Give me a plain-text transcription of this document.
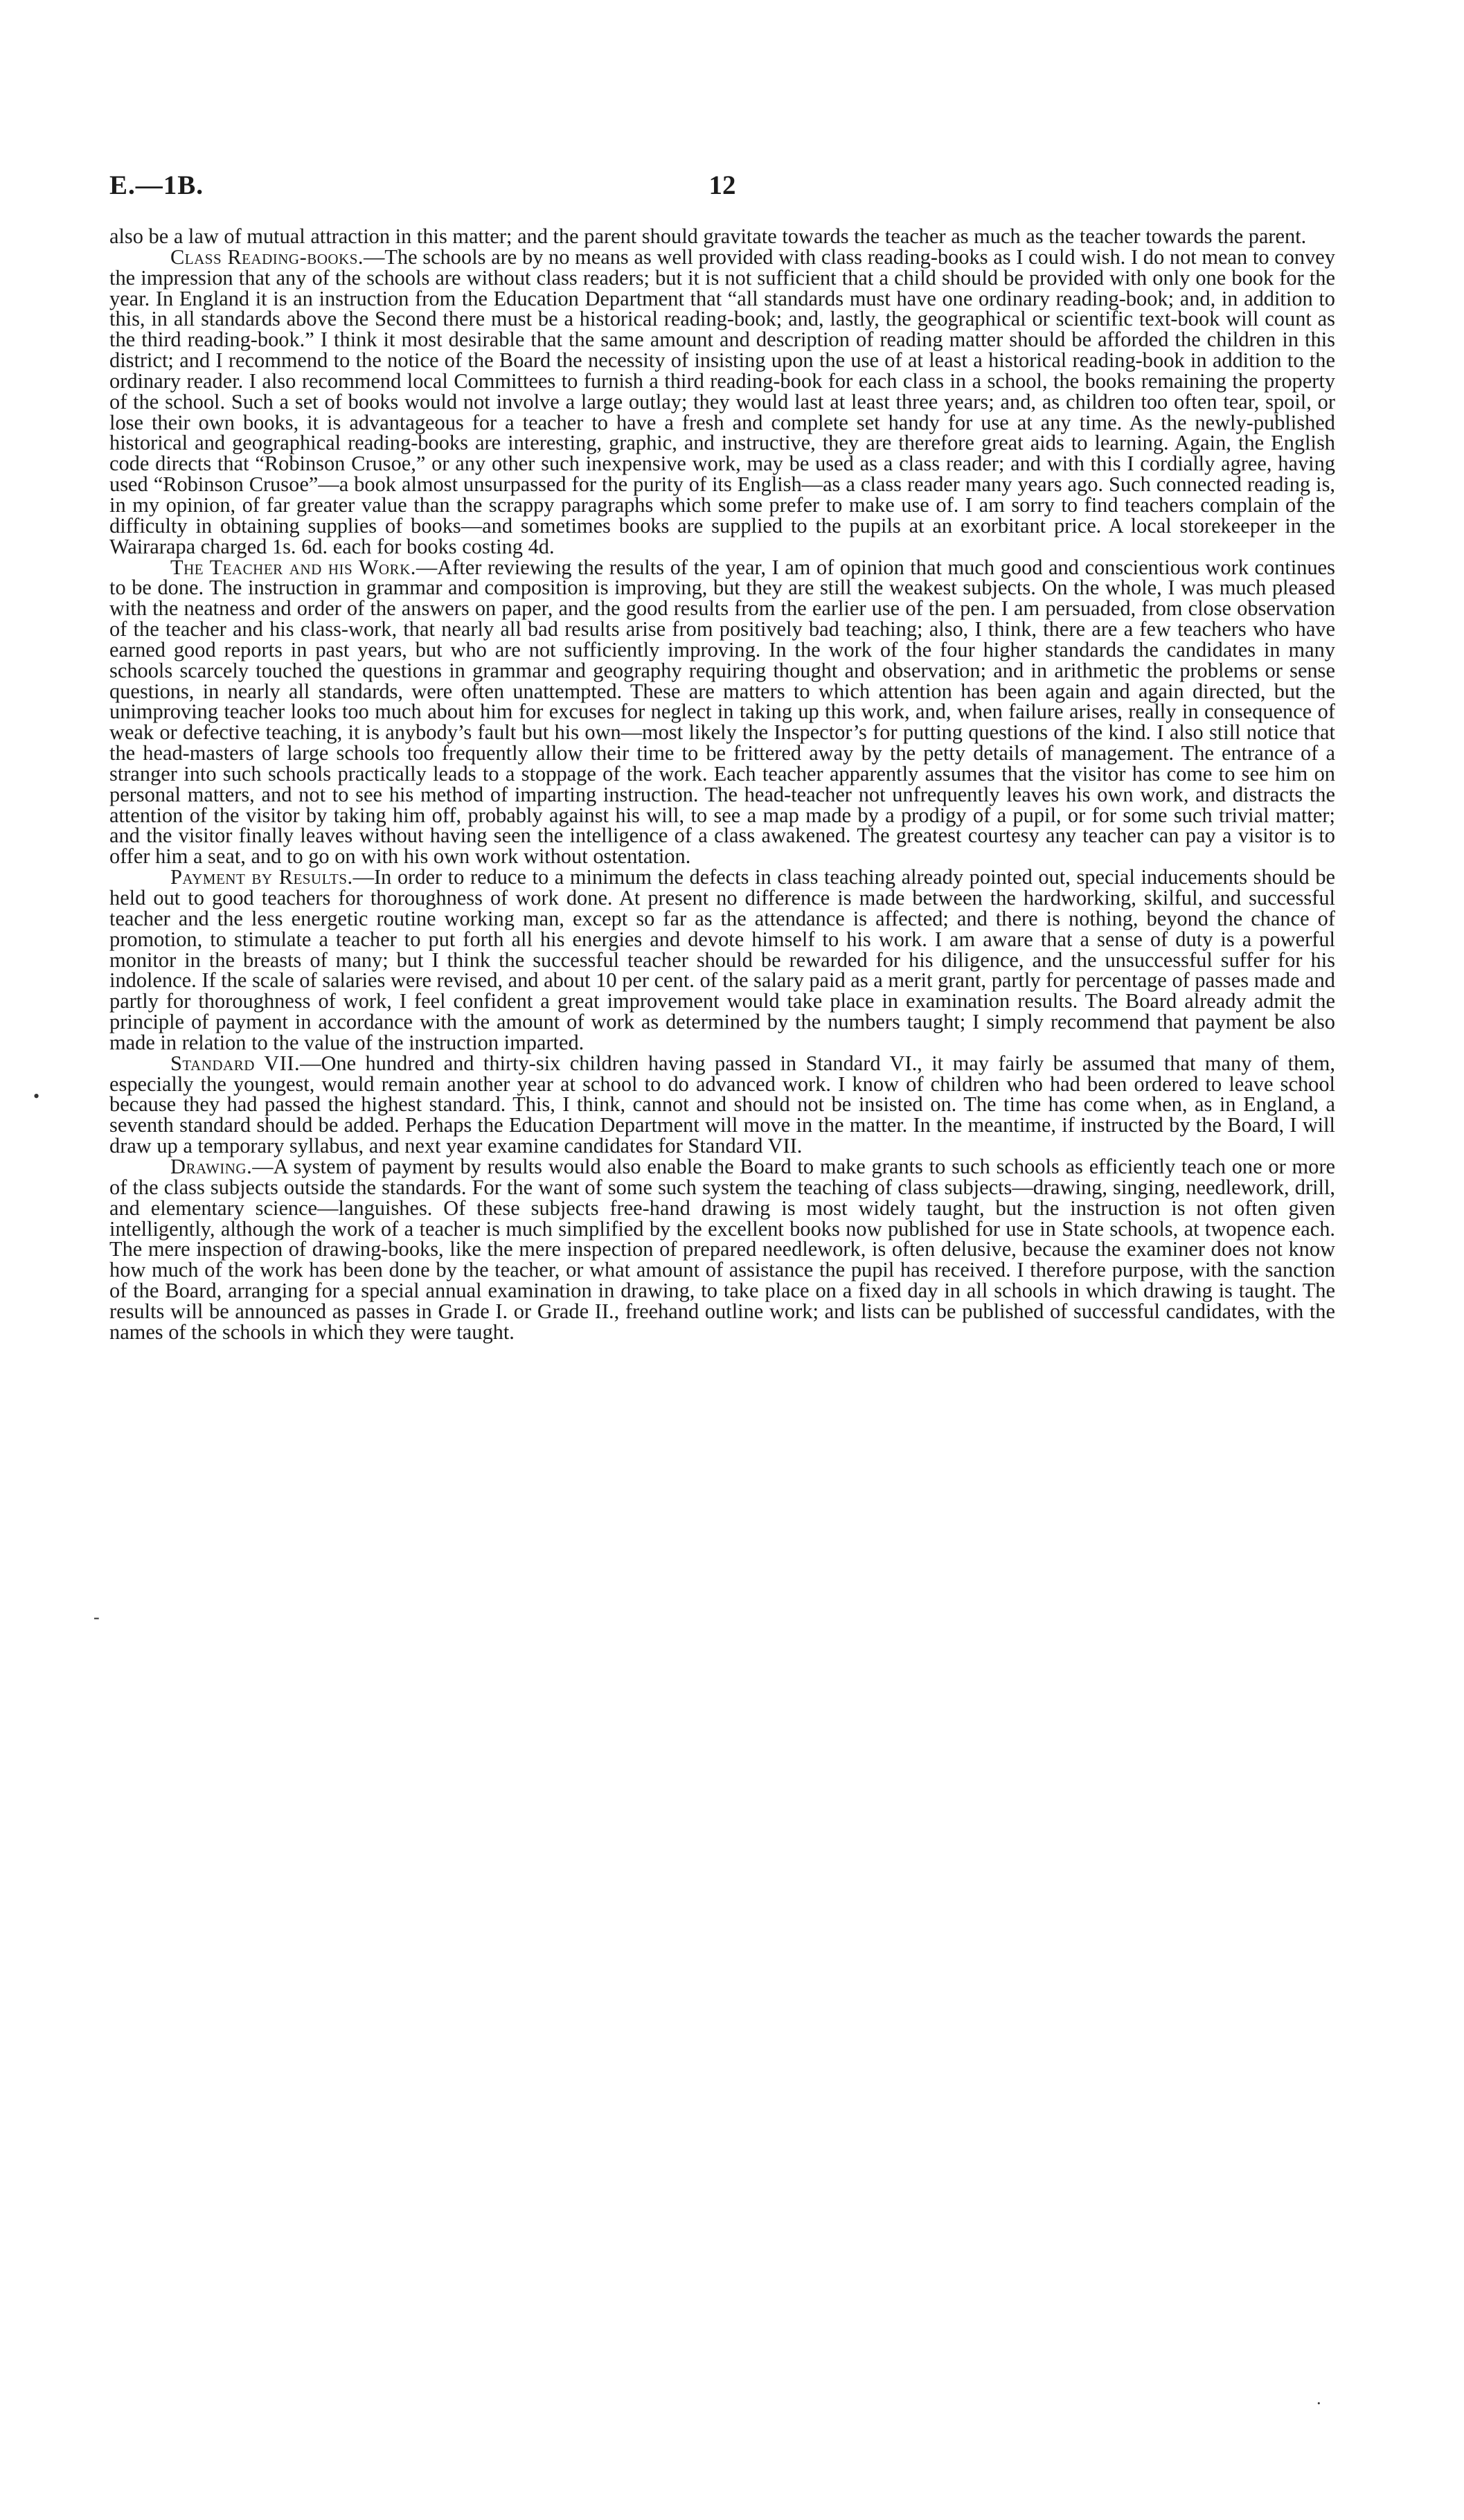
E.—1B.	12

also be a law of mutual attraction in this matter; and the parent should gravitate towards the teacher as much as the teacher towards the parent.

Class Reading-books.—The schools are by no means as well provided with class reading-books as I could wish. I do not mean to convey the impression that any of the schools are without class readers; but it is not sufficient that a child should be provided with only one book for the year. In England it is an instruction from the Education Department that “all standards must have one ordinary reading-book; and, in addition to this, in all standards above the Second there must be a historical reading-book; and, lastly, the geographical or scientific text-book will count as the third reading-book.” I think it most desirable that the same amount and description of reading matter should be afforded the children in this district; and I recommend to the notice of the Board the necessity of insisting upon the use of at least a historical reading-book in addition to the ordinary reader. I also recommend local Committees to furnish a third reading-book for each class in a school, the books remaining the property of the school. Such a set of books would not involve a large outlay; they would last at least three years; and, as children too often tear, spoil, or lose their own books, it is advantageous for a teacher to have a fresh and complete set handy for use at any time. As the newly-published historical and geographical reading-books are interesting, graphic, and instructive, they are therefore great aids to learning. Again, the English code directs that “Robinson Crusoe,” or any other such inexpensive work, may be used as a class reader; and with this I cordially agree, having used “Robinson Crusoe”—a book almost unsurpassed for the purity of its English—as a class reader many years ago. Such connected reading is, in my opinion, of far greater value than the scrappy paragraphs which some prefer to make use of. I am sorry to find teachers complain of the difficulty in obtaining supplies of books—and sometimes books are supplied to the pupils at an exorbitant price. A local storekeeper in the Wairarapa charged 1s. 6d. each for books costing 4d.

The Teacher and his Work.—After reviewing the results of the year, I am of opinion that much good and conscientious work continues to be done. The instruction in grammar and composition is improving, but they are still the weakest subjects. On the whole, I was much pleased with the neatness and order of the answers on paper, and the good results from the earlier use of the pen. I am persuaded, from close observation of the teacher and his class-work, that nearly all bad results arise from positively bad teaching; also, I think, there are a few teachers who have earned good reports in past years, but who are not sufficiently improving. In the work of the four higher standards the candidates in many schools scarcely touched the questions in grammar and geography requiring thought and observation; and in arithmetic the problems or sense questions, in nearly all standards, were often unattempted. These are matters to which attention has been again and again directed, but the unimproving teacher looks too much about him for excuses for neglect in taking up this work, and, when failure arises, really in consequence of weak or defective teaching, it is anybody’s fault but his own—most likely the Inspector’s for putting questions of the kind. I also still notice that the head-masters of large schools too frequently allow their time to be frittered away by the petty details of management. The entrance of a stranger into such schools practically leads to a stoppage of the work. Each teacher apparently assumes that the visitor has come to see him on personal matters, and not to see his method of imparting instruction. The head-teacher not unfrequently leaves his own work, and distracts the attention of the visitor by taking him off, probably against his will, to see a map made by a prodigy of a pupil, or for some such trivial matter; and the visitor finally leaves without having seen the intelligence of a class awakened. The greatest courtesy any teacher can pay a visitor is to offer him a seat, and to go on with his own work without ostentation.

Payment by Results.—In order to reduce to a minimum the defects in class teaching already pointed out, special inducements should be held out to good teachers for thoroughness of work done. At present no difference is made between the hardworking, skilful, and successful teacher and the less energetic routine working man, except so far as the attendance is affected; and there is nothing, beyond the chance of promotion, to stimulate a teacher to put forth all his energies and devote himself to his work. I am aware that a sense of duty is a powerful monitor in the breasts of many; but I think the successful teacher should be rewarded for his diligence, and the unsuccessful suffer for his indolence. If the scale of salaries were revised, and about 10 per cent. of the salary paid as a merit grant, partly for percentage of passes made and partly for thoroughness of work, I feel confident a great improvement would take place in examination results. The Board already admit the principle of payment in accordance with the amount of work as determined by the numbers taught; I simply recommend that payment be also made in relation to the value of the instruction imparted.

Standard VII.—One hundred and thirty-six children having passed in Standard VI., it may fairly be assumed that many of them, especially the youngest, would remain another year at school to do advanced work. I know of children who had been ordered to leave school because they had passed the highest standard. This, I think, cannot and should not be insisted on. The time has come when, as in England, a seventh standard should be added. Perhaps the Education Department will move in the matter. In the meantime, if instructed by the Board, I will draw up a temporary syllabus, and next year examine candidates for Standard VII.

Drawing.—A system of payment by results would also enable the Board to make grants to such schools as efficiently teach one or more of the class subjects outside the standards. For the want of some such system the teaching of class subjects—drawing, singing, needlework, drill, and elementary science—languishes. Of these subjects free-hand drawing is most widely taught, but the instruction is not often given intelligently, although the work of a teacher is much simplified by the excellent books now published for use in State schools, at twopence each. The mere inspection of drawing-books, like the mere inspection of prepared needlework, is often delusive, because the examiner does not know how much of the work has been done by the teacher, or what amount of assistance the pupil has received. I therefore purpose, with the sanction of the Board, arranging for a special annual examination in drawing, to take place on a fixed day in all schools in which drawing is taught. The results will be announced as passes in Grade I. or Grade II., freehand outline work; and lists can be published of successful candidates, with the names of the schools in which they were taught.

•
-
·
